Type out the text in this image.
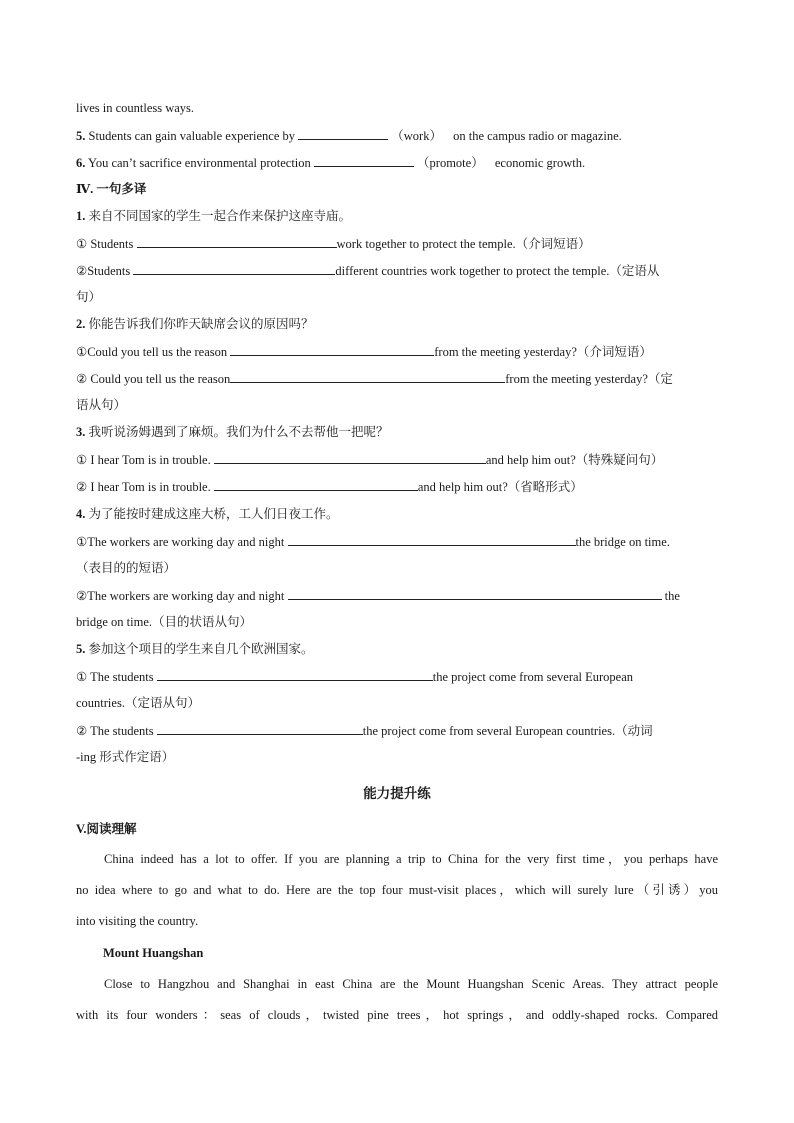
lives in countless ways.
5. Students can gain valuable experience by	（work） on the campus radio or magazine.
6. You can’t sacrifice environmental protection	（promote） economic growth.
Ⅳ. 一句多译
1. 来自不同国家的学生一起合作来保护这座寺庙。
① Students	work together to protect the temple.（介词短语）
②Students	different countries work together to protect the temple.（定语从
句）
2. 你能告诉我们你昨天缺席会议的原因吗？
①Could you tell us the reason	from the meeting yesterday?（介词短语）
② Could you tell us the reason	from the meeting yesterday?（定
语从句）
3. 我听说汤姆遇到了麻烦。我们为什么不去帮他一把呢？
① I hear Tom is in trouble.	and help him out?（特殊疑问句）
② I hear Tom is in trouble.	and help him out?（省略形式）
4. 为了能按时建成这座大桥，工人们日夜工作。
①The workers are working day and night	the bridge on time.
（表目的的短语）
②The workers are working day and night	the
bridge on time.（目的状语从句）
5. 参加这个项目的学生来自几个欧洲国家。
① The students	the project come from several European
countries.（定语从句）
② The students	the project come from several European countries.（动词
-ing 形式作定语）
能力提升练
V.阅读理解
China indeed has a lot to offer. If you are planning a trip to China for the very first time，you perhaps have
no idea where to go and what to do. Here are the top four must-visit places，which will surely lure（引诱）you
into visiting the country.
Mount Huangshan
Close to Hangzhou and Shanghai in east China are the Mount Huangshan Scenic Areas. They attract people
with its four wonders：seas of clouds，twisted pine trees，hot springs，and oddly-shaped rocks. Compared
